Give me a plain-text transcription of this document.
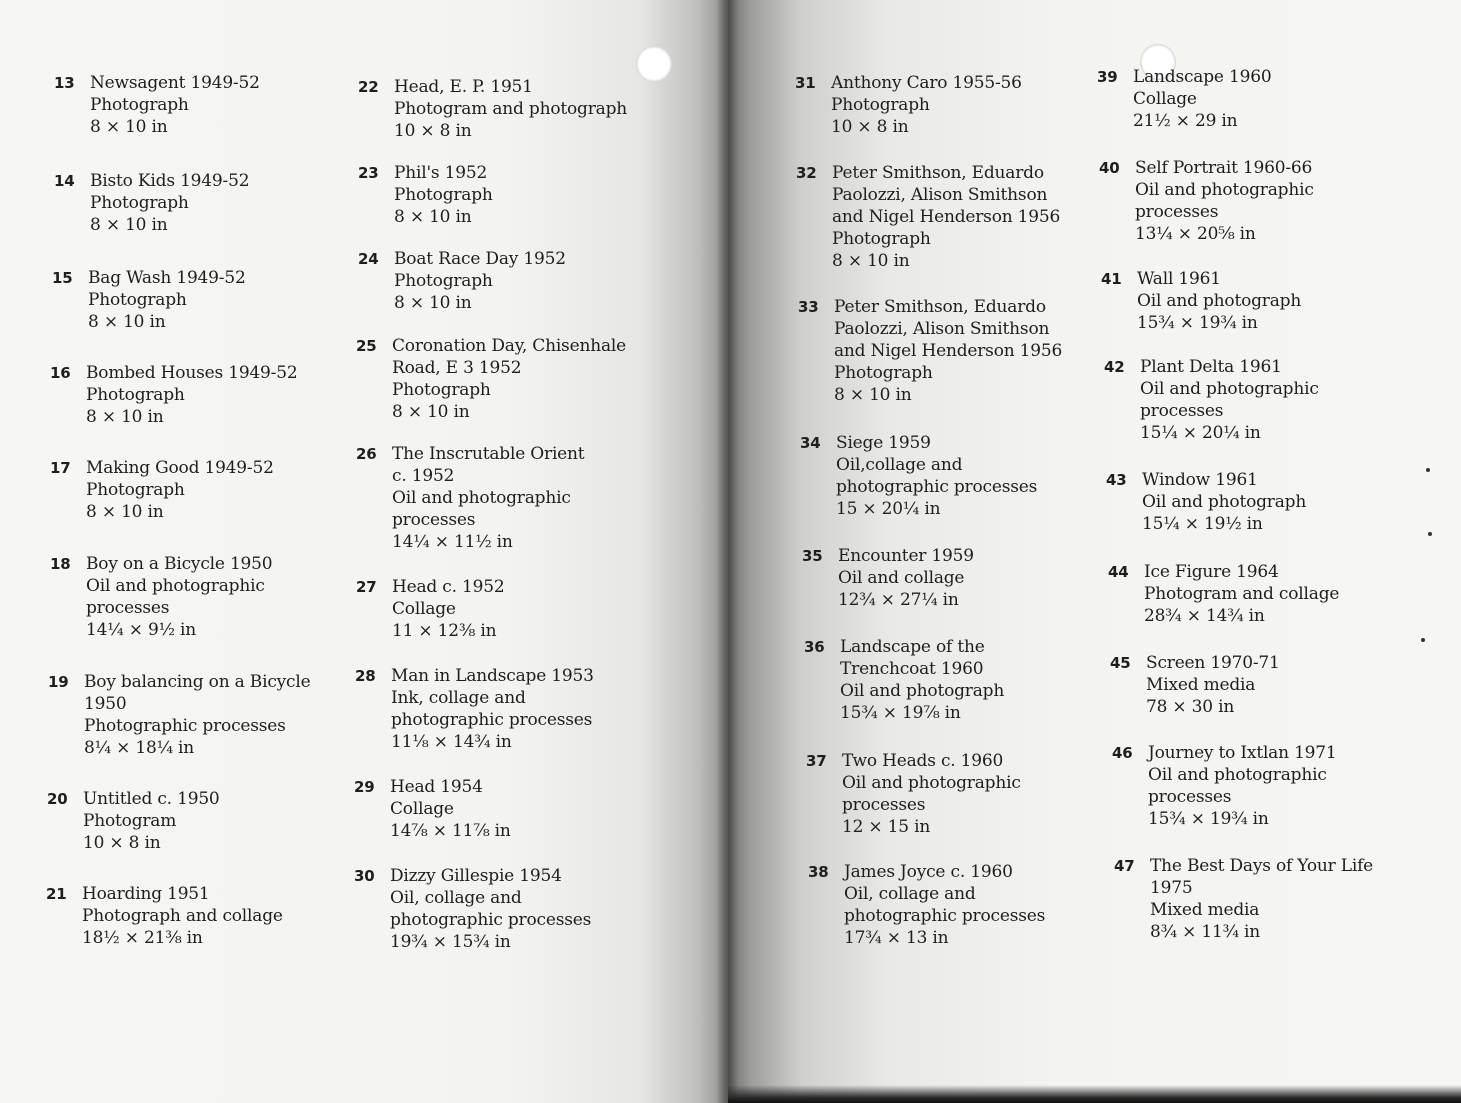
13 Newsagent 1949-52
Photograph
8 × 10 in
14 Bisto Kids 1949-52
Photograph
8 × 10 in
15 Bag Wash 1949-52
Photograph
8 × 10 in
16 Bombed Houses 1949-52
Photograph
8 × 10 in
17 Making Good 1949-52
Photograph
8 × 10 in
18 Boy on a Bicycle 1950
Oil and photographic
processes
14¼ × 9½ in
19 Boy balancing on a Bicycle
1950
Photographic processes
8¼ × 18¼ in
20 Untitled c. 1950
Photogram
10 × 8 in
21 Hoarding 1951
Photograph and collage
18½ × 21⅜ in
22 Head, E. P. 1951
Photogram and photograph
10 × 8 in
23 Phil's 1952
Photograph
8 × 10 in
24 Boat Race Day 1952
Photograph
8 × 10 in
25 Coronation Day, Chisenhale
Road, E 3 1952
Photograph
8 × 10 in
26 The Inscrutable Orient
c. 1952
Oil and photographic
processes
14¼ × 11½ in
27 Head c. 1952
Collage
11 × 12⅜ in
28 Man in Landscape 1953
Ink, collage and
photographic processes
11⅛ × 14¾ in
29 Head 1954
Collage
14⅞ × 11⅞ in
30 Dizzy Gillespie 1954
Oil, collage and
photographic processes
19¾ × 15¾ in
31 Anthony Caro 1955-56
Photograph
10 × 8 in
32 Peter Smithson, Eduardo
Paolozzi, Alison Smithson
and Nigel Henderson 1956
Photograph
8 × 10 in
33 Peter Smithson, Eduardo
Paolozzi, Alison Smithson
and Nigel Henderson 1956
Photograph
8 × 10 in
34 Siege 1959
Oil,collage and
photographic processes
15 × 20¼ in
35 Encounter 1959
Oil and collage
12¾ × 27¼ in
36 Landscape of the
Trenchcoat 1960
Oil and photograph
15¾ × 19⅞ in
37 Two Heads c. 1960
Oil and photographic
processes
12 × 15 in
38 James Joyce c. 1960
Oil, collage and
photographic processes
17¾ × 13 in
39 Landscape 1960
Collage
21½ × 29 in
40 Self Portrait 1960-66
Oil and photographic
processes
13¼ × 20⅝ in
41 Wall 1961
Oil and photograph
15¾ × 19¾ in
42 Plant Delta 1961
Oil and photographic
processes
15¼ × 20¼ in
43 Window 1961
Oil and photograph
15¼ × 19½ in
44 Ice Figure 1964
Photogram and collage
28¾ × 14¾ in
45 Screen 1970-71
Mixed media
78 × 30 in
46 Journey to Ixtlan 1971
Oil and photographic
processes
15¾ × 19¾ in
47 The Best Days of Your Life
1975
Mixed media
8¾ × 11¾ in
